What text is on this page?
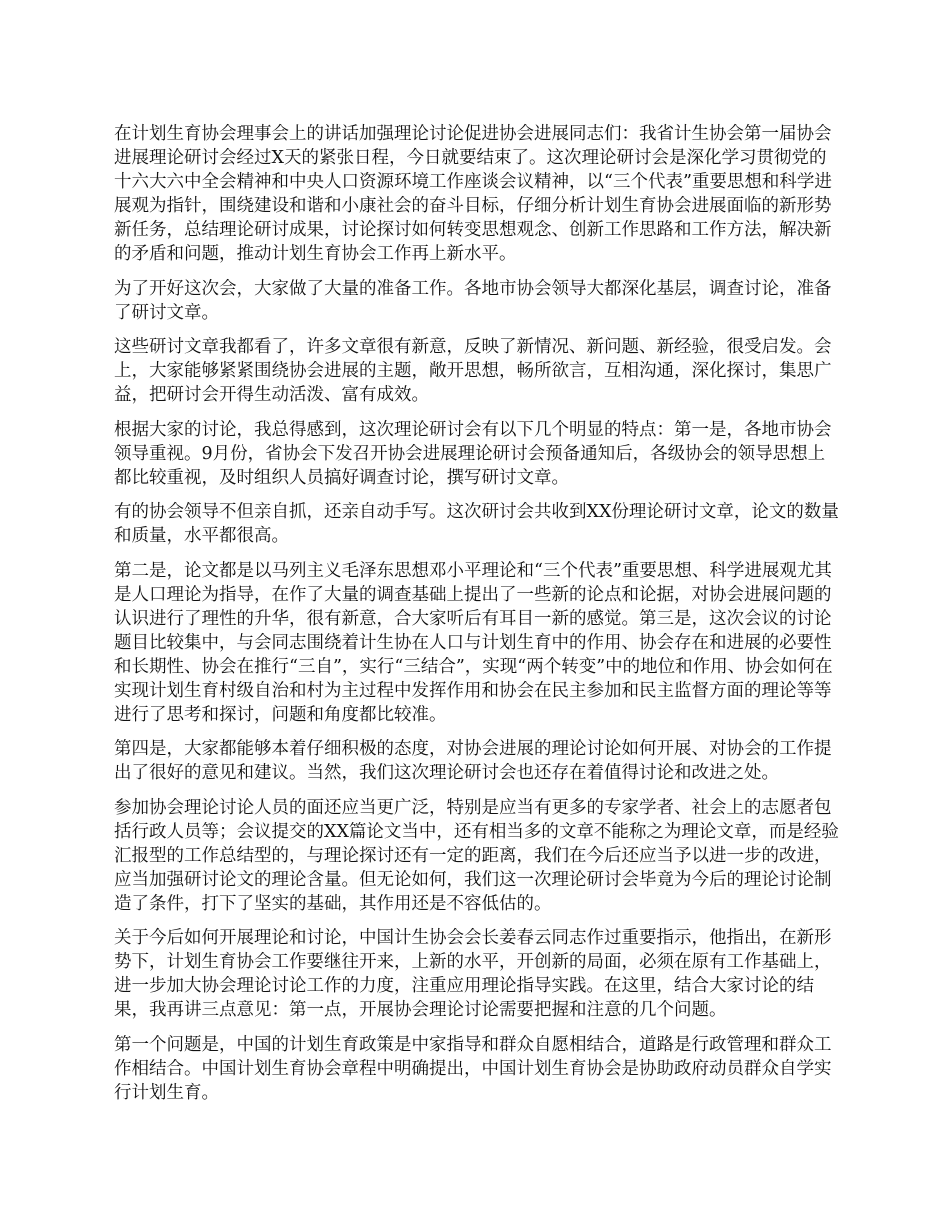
在计划生育协会理事会上的讲话加强理论讨论促进协会进展同志们：我省计生协会第一届协会进展理论研讨会经过X天的紧张日程，今日就要结束了。这次理论研讨会是深化学习贯彻党的十六大六中全会精神和中央人口资源环境工作座谈会议精神，以“三个代表”重要思想和科学进展观为指针，围绕建设和谐和小康社会的奋斗目标，仔细分析计划生育协会进展面临的新形势新任务，总结理论研讨成果，讨论探讨如何转变思想观念、创新工作思路和工作方法，解决新的矛盾和问题，推动计划生育协会工作再上新水平。

为了开好这次会，大家做了大量的准备工作。各地市协会领导大都深化基层，调查讨论，准备了研讨文章。

这些研讨文章我都看了，许多文章很有新意，反映了新情况、新问题、新经验，很受启发。会上，大家能够紧紧围绕协会进展的主题，敞开思想，畅所欲言，互相沟通，深化探讨，集思广益，把研讨会开得生动活泼、富有成效。

根据大家的讨论，我总得感到，这次理论研讨会有以下几个明显的特点：第一是，各地市协会领导重视。9月份，省协会下发召开协会进展理论研讨会预备通知后，各级协会的领导思想上都比较重视，及时组织人员搞好调查讨论，撰写研讨文章。

有的协会领导不但亲自抓，还亲自动手写。这次研讨会共收到XX份理论研讨文章，论文的数量和质量，水平都很高。

第二是，论文都是以马列主义毛泽东思想邓小平理论和“三个代表”重要思想、科学进展观尤其是人口理论为指导，在作了大量的调查基础上提出了一些新的论点和论据，对协会进展问题的认识进行了理性的升华，很有新意，合大家听后有耳目一新的感觉。第三是，这次会议的讨论题目比较集中，与会同志围绕着计生协在人口与计划生育中的作用、协会存在和进展的必要性和长期性、协会在推行“三自”，实行“三结合”，实现“两个转变”中的地位和作用、协会如何在实现计划生育村级自治和村为主过程中发挥作用和协会在民主参加和民主监督方面的理论等等进行了思考和探讨，问题和角度都比较准。

第四是，大家都能够本着仔细积极的态度，对协会进展的理论讨论如何开展、对协会的工作提出了很好的意见和建议。当然，我们这次理论研讨会也还存在着值得讨论和改进之处。

参加协会理论讨论人员的面还应当更广泛，特别是应当有更多的专家学者、社会上的志愿者包括行政人员等；会议提交的XX篇论文当中，还有相当多的文章不能称之为理论文章，而是经验汇报型的工作总结型的，与理论探讨还有一定的距离，我们在今后还应当予以进一步的改进，应当加强研讨论文的理论含量。但无论如何，我们这一次理论研讨会毕竟为今后的理论讨论制造了条件，打下了坚实的基础，其作用还是不容低估的。

关于今后如何开展理论和讨论，中国计生协会会长姜春云同志作过重要指示，他指出，在新形势下，计划生育协会工作要继往开来，上新的水平，开创新的局面，必须在原有工作基础上，进一步加大协会理论讨论工作的力度，注重应用理论指导实践。在这里，结合大家讨论的结果，我再讲三点意见：第一点，开展协会理论讨论需要把握和注意的几个问题。

第一个问题是，中国的计划生育政策是中家指导和群众自愿相结合，道路是行政管理和群众工作相结合。中国计划生育协会章程中明确提出，中国计划生育协会是协助政府动员群众自学实行计划生育。
